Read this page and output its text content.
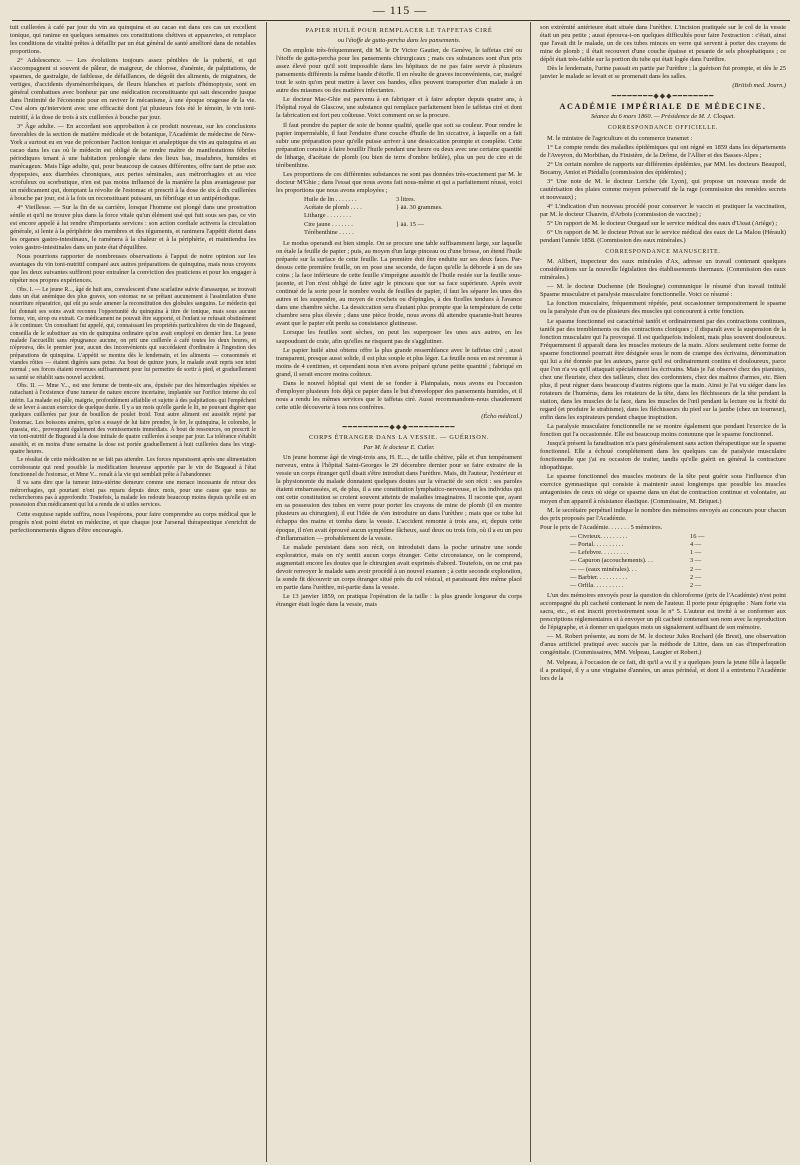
— 115 —

tuit cuillerées à café par jour du vin au quinquina et au cacao est dans ces cas un excellent tonique, qui ranime en quelques semaines ces constitutions chétives et appauvries, et remplace les conditions de vitalité prêtes à défaillir par un état général de santé amélioré dans de notables proportions.

2° Adolescence. — Les évolutions toujours assez pénibles de la puberté, et qui s'accompagnent si souvent de pâleur, de maigreur, de chlorose, d'anémie, de palpitations, de spasmes, de gastralgie, de faiblesse, de défaillances, de dégoût des aliments, de migraines, de vertiges, d'accidents dysménorrhéiques, de fleurs blanches et parfois d'hémoptysie, sont en général combattues avec bonheur par une médication reconstituante qui sait descendre jusque dans l'intimité de l'économie pour en raviver le mécanisme, à une époque orageuse de la vie. C'est alors qu'intervient avec une efficacité dont j'ai plusieurs fois été le témoin, le vin toni-nutritif, à la dose de trois à six cuillerées à bouche par jour.

3° Âge adulte. — En accordant son approbation à ce produit nouveau, sur les conclusions favorables de la section de matière médicale et de botanique, l'Académie de médecine de New-York a surtout eu en vue de préconiser l'action tonique et analeptique du vin au quinquina et au cacao dans les cas où le médecin est obligé de se rendre maître de manifestations fébriles périodiques tenant à une habitation prolongée dans des lieux bas, insalubres, humides et marécageux. Mais l'âge adulte, qui, pour beaucoup de causes différentes, offre tant de prise aux dyspepsies, aux diarrhées chroniques, aux pertes séminales, aux métrorrhagies et au vice scrofuleux ou scorbutique, n'en est pas moins influencé de la manière la plus avantageuse par un médicament qui, domptant la révolte de l'estomac et prescrit à la dose de six à dix cuillerées à bouche par jour, est à la fois un reconstituant puissant, un fébrifuge et un antipériodique.

4° Vieillesse. — Sur la fin de sa carrière, lorsque l'homme est plongé dans une prostration sénile et qu'il ne trouve plus dans la force vitale qu'un élément usé qui fuit sous ses pas, ce vin est encore appelé à lui rendre d'importants services : son action cordiale activera la circulation générale, si lente à la périphérie des membres et des téguments, et ranimera l'appétit éteint dans les organes gastro-intestinaux, le ramènera à la chaleur et à la périphérie, et maintiendra les voies gastro-intestinales dans un juste état d'équilibre.

Nous pourrions rapporter de nombreuses observations à l'appui de notre opinion sur les avantages du vin toni-nutritif comparé aux autres préparations de quinquina, mais nous croyons que les deux suivantes suffiront pour entraîner la conviction des praticiens et pour les engager à répéter nos propres expériences.

Obs. I. — Le jeune R..., âgé de huit ans, convalescent d'une scarlatine suivie d'anasarque, se trouvait dans un état anémique des plus graves, son estomac ne se prêtant aucunement à l'assimilation d'une nourriture réparatrice, qui eût pu seule amener la reconstitution des globules sanguins. Le médecin qui lui donnait ses soins avait reconnu l'opportunité du quinquina à titre de tonique, mais sous aucune forme, vin, sirop ou extrait. Ce médicament ne pouvait être supporté, et l'enfant se refusait obstinément à le continuer. Un consultant fut appelé, qui, connaissant les propriétés particulières du vin de Bugeaud, conseilla de le substituer au vin de quinquina ordinaire qu'on avait employé en dernier lieu. Le jeune malade l'accueillit sans répugnance aucune, on prit une cuillerée à café toutes les deux heures, et n'éprouva, dès le premier jour, aucun des inconvénients qui succédaient d'ordinaire à l'ingestion des préparations de quinquina. L'appétit se montra dès le lendemain, et les aliments — consommés et viandes rôties — étaient digérés sans peine. Au bout de quinze jours, le malade avait repris son teint normal ; ses forces étaient revenues suffisamment pour lui permettre de sortir à pied, et graduellement sa santé se rétablit sans nouvel accident.

Obs. II. — Mme V..., est une femme de trente-six ans, épuisée par des hémorrhagies répétées se rattachant à l'existence d'une tumeur de nature encore incertaine, implantée sur l'orifice interne du col utérin. La malade est pâle, maigrie, profondément affaiblie et sujette à des palpitations qui l'empêchent de se lever à aucun exercice de quelque durée. Il y a un mois qu'elle garde le lit, ne pouvant digérer que quelques cuillerées par jour de bouillon de poulet froid. Tout autre aliment est aussitôt rejeté par l'estomac. Les boissons amères, qu'on a essayé de lui faire prendre, le fer, le quinquina, le colombo, le quassia, etc., provoquent également des vomissements immédiats. À bout de ressources, on prescrit le vin toni-nutritif de Bugeaud à la dose initiale de quatre cuillerées à soupe par jour. La tolérance s'établit aussitôt, et en moins d'une semaine la dose est portée graduellement à huit cuillerées dans les vingt-quatre heures.

Le résultat de cette médication ne se fait pas attendre. Les forces reparaissent après une alimentation corroborante qui rend possible la modification heureuse apportée par le vin de Bugeaud à l'état fonctionnel de l'estomac, et Mme V... renaît à la vie qui semblait prête à l'abandonner.

Il va sans dire que la tumeur intra-utérine demeure comme une menace incessante de retour des métrorrhagies, qui pourtant n'ont pas reparu depuis deux mois, pour une cause que nous ne rechercherons pas à approfondir. Toutefois, la malade les redoute beaucoup moins depuis qu'elle est en possession d'un médicament qui lui a rendu de si utiles services.

Cette esquisse rapide suffira, nous l'espérons, pour faire comprendre au corps médical que le progrès n'est point éteint en médecine, et que chaque jour l'arsenal thérapeutique s'enrichit de perfectionnements dignes d'être encouragés.

PAPIER HUILÉ POUR REMPLACER LE TAFFETAS CIRÉ
ou l'étoffe de gutta-percha dans les pansements.

On emploie très-fréquemment, dit M. le Dr Victor Gautier, de Genève, le taffetas ciré ou l'étoffe de gutta-percha pour les pansements chirurgicaux ; mais ces substances sont d'un prix assez élevé pour qu'il soit impossible dans les hôpitaux de ne pas faire servir à plusieurs pansements différents la même bande d'étoffe. Il en résulte de graves inconvénients, car, malgré tout le soin qu'on peut mettre à laver ces bandes, elles peuvent transporter d'un malade à un autre des miasmes ou des matières infectantes.

Le docteur Mac-Ghie est parvenu à en fabriquer et à faire adopter depuis quatre ans, à l'hôpital royal de Glascow, une substance qui remplace parfaitement bien le taffetas ciré et dont la fabrication est fort peu coûteuse. Voici comment on se la procure.

Il faut prendre du papier de soie de bonne qualité, quelle que soit sa couleur. Pour rendre le papier imperméable, il faut l'enduire d'une couche d'huile de lin siccative, à laquelle on a fait subir une préparation pour qu'elle puisse arriver à une dessiccation prompte et complète. Cette préparation consiste à faire bouillir l'huile pendant une heure ou deux avec une certaine quantité de litharge, d'acétate de plomb (ou bien de terre d'ombre brûlée), plus un peu de cire et de térébenthine.

Les proportions de ces différentes substances ne sont pas données très-exactement par M. le docteur M'Ghie ; dans l'essai que nous avons fait nous-même et qui a parfaitement réussi, voici les proportions que nous avons employées ;

Huile de lin . . . . . . .	3 litres.
Acétate de plomb . . . .	} āā. 30 grammes.
Litharge . . . . . . . .
Cire jaune . . . . . . .	} āā. 15 —
Térébenthine . . . . .

Le modus operandi est bien simple. On se procure une table suffisamment large, sur laquelle on étale la feuille de papier ; puis, au moyen d'un large pinceau ou d'une brosse, on étend l'huile préparée sur la surface de cette feuille. La première doit être enduite sur ses deux faces. Par-dessus cette première feuille, on en pose une seconde, de façon qu'elle la déborde à un de ses coins ; la face inférieure de cette feuille s'imprègne aussitôt de l'huile restée sur la feuille sous-jacente, et l'on n'est obligé de faire agir le pinceau que sur sa face supérieure. Après avoir continué de la sorte pour le nombre voulu de feuilles de papier, il faut les séparer les unes des autres et les suspendre, au moyen de crochets ou d'épingles, à des ficelles tendues à l'avance dans une chambre sèche. La dessiccation sera d'autant plus prompte que la température de cette chambre sera plus élevée ; dans une pièce froide, nous avons dû attendre quarante-huit heures avant que le papier eût perdu sa consistance glutineuse.

Lorsque les feuilles sont sèches, on peut les superposer les unes aux autres, en les saupoudrant de craie, afin qu'elles ne risquent pas de s'agglutiner.

Le papier huilé ainsi obtenu offre la plus grande ressemblance avec le taffetas ciré ; aussi transparent, presque aussi solide, il est plus souple et plus léger. La feuille nous en est revenue à moins de 4 centimes, et cependant nous n'en avons préparé qu'une petite quantité ; fabriqué en grand, il serait encore moins coûteux.

Dans le nouvel hôpital qui vient de se fonder à Plainpalais, nous avons eu l'occasion d'employer plusieurs fois déjà ce papier dans le but d'envelopper des pansements humides, et il nous a rendu les mêmes services que le taffetas ciré. Aussi recommandons-nous chaudement cette utile découverte à tous nos confrères.

(Écho médical.)
━━━━━━━━━◆◆◆━━━━━━━━━
CORPS ÉTRANGER DANS LA VESSIE. — GUÉRISON.
Par M. le docteur E. Cutler.

Un jeune homme âgé de vingt-trois ans, H. E...., de taille chétive, pâle et d'un tempérament nerveux, entra à l'hôpital Saint-Georges le 29 décembre dernier pour se faire extraire de la vessie un corps étranger qu'il disait s'être introduit dans l'urèthre. Mais, dit l'auteur, l'extérieur et la physionomie du malade donnaient quelques doutes sur la véracité de son récit : ses paroles étaient embarrassées, et, de plus, il a une constitution lymphatico-nerveuse, et les individus qui ont cette constitution se croient souvent atteints de maladies imaginaires. Il raconte que, ayant en sa possession des tubes en verre pour porter les crayons de mine de plomb (il en montre plusieurs au chirurgien), il eut l'idée de s'en introduire un dans l'urèthre ; mais que ce tube lui échappa des mains et tomba dans la vessie. L'accident remonte à trois ans, et, depuis cette époque, il n'en avait éprouvé aucun symptôme fâcheux, sauf deux ou trois fois, où il a eu un peu d'inflammation — probablement de la vessie.

Le malade persistant dans son récit, on introduisit dans la poche urinaire une sonde exploratrice, mais on n'y sentit aucun corps étranger. Cette circonstance, on le comprend, augmentait encore les doutes que le chirurgien avait exprimés d'abord. Toutefois, on ne crut pas devoir renvoyer le malade sans avoir procédé à un nouvel examen ; à cette seconde exploration, la sonde fit découvrir un corps étranger situé près du col vésical, et paraissant être même placé en partie dans l'urèthre, mi-partie dans la vessie.

Le 13 janvier 1859, on pratiqua l'opération de la taille : la plus grande longueur du corps étranger était logée dans la vessie, mais

son extrémité antérieure était située dans l'urèthre. L'incision pratiquée sur le col de la vessie était un peu petite ; aussi éprouva-t-on quelques difficultés pour faire l'extraction : c'était, ainsi que l'avait dit le malade, un de ces tubes minces en verre qui servent à porter des crayons de mine de plomb ; il était recouvert d'une couche épaisse et pesante de sels phosphatiques ; ce dépôt était très-faible sur la portion du tube qui était logée dans l'urèthre.

Dès le lendemain, l'urine passait en partie par l'urèthre ; la guérison fut prompte, et dès le 25 janvier le malade se levait et se promenait dans les salles.

(British med. Journ.)
━━━━━━━━◆◆◆━━━━━━━━
ACADÉMIE IMPÉRIALE DE MÉDECINE.
Séance du 6 mars 1860. — Présidence de M. J. Cloquet.
CORRESPONDANCE OFFICIELLE.

M. le ministre de l'agriculture et du commerce transmet :

1° Le compte rendu des maladies épidémiques qui ont régné en 1859 dans les départements de l'Aveyron, du Morbihan, du Finistère, de la Drôme, de l'Allier et des Basses-Alpes ;

2° Un certain nombre de rapports sur différentes épidémies, par MM. les docteurs Beaupoil, Bocamy, Amiot et Piédallu (commission des épidémies) ;

3° Une note de M. le docteur Leriche (de Lyon), qui propose un nouveau mode de cautérisation des plaies comme moyen préservatif de la rage (commission des remèdes secrets et nouveaux) ;

4° L'indication d'un nouveau procédé pour conserver le vaccin et pratiquer la vaccination, par M. le docteur Chauvin, d'Arbois (commission de vaccine) ;

5° Un rapport de M. le docteur Ourgaud sur le service médical des eaux d'Ussat (Ariège) ;

6° Un rapport de M. le docteur Privat sur le service médical des eaux de La Malou (Hérault) pendant l'année 1858. (Commission des eaux minérales.)

CORRESPONDANCE MANUSCRITE.

M. Alibert, inspecteur des eaux minérales d'Ax, adresse un travail contenant quelques considérations sur la nouvelle législation des établissements thermaux. (Commission des eaux minérales.)

— M. le docteur Duchenne (de Boulogne) communique le résumé d'un travail intitulé Spasme musculaire et paralysie musculaire fonctionnelle. Voici ce résumé :

La fonction musculaire, fréquemment répétée, peut occasionner temporairement le spasme ou la paralysie d'un ou de plusieurs des muscles qui concourent à cette fonction.

Le spasme fonctionnel est caractérisé tantôt et ordinairement par des contractions continues, tantôt par des tremblements ou des contractions cloniques ; il disparaît avec la suspension de la fonction musculaire qui l'a provoqué. Il est quelquefois indolent, mais plus souvent douloureux. Fréquemment il apparaît dans les muscles moteurs de la main. Alors seulement cette forme de spasme fonctionnel pourrait être désignée sous le nom de crampe des écrivains, dénomination qui lui a été donnée par les auteurs, parce qu'il est ordinairement continu et douloureux, parce que l'on n'a vu qu'il attaquait spécialement les écrivains. Mais je l'ai observé chez des pianistes, chez une fleuriste, chez des tailleurs, chez des cordonniers, chez des maîtres d'armes, etc. Bien plus, il peut régner dans beaucoup d'autres régions que la main. Ainsi je l'ai vu siéger dans les rotateurs de l'humérus, dans les rotateurs de la tête, dans les fléchisseurs de la tête pendant la station, dans les muscles de la face, dans les muscles de l'œil pendant la lecture ou la fixité du regard (et produire le strabisme), dans les fléchisseurs du pied sur la jambe (chez un tourneur), enfin dans les expirateurs pendant chaque inspiration.

La paralysie musculaire fonctionnelle ne se montre également que pendant l'exercice de la fonction qui l'a occasionnée. Elle est beaucoup moins commune que le spasme fonctionnel.

Jusqu'à présent la faradisation m'a paru généralement sans action thérapeutique sur le spasme fonctionnel. Elle a échoué complétement dans les quelques cas de paralysie musculaire fonctionnelle que j'ai eu occasion de traiter, tandis qu'elle guérit en général la contracture idiopathique.

Le spasme fonctionnel des muscles moteurs de la tête peut guérir sous l'influence d'un exercice gymnastique qui consiste à maintenir aussi longtemps que possible les muscles antagonistes de ceux où siége ce spasme dans un état de contraction continue et volontaire, au moyen d'un appareil à résistance élastique. (Commissaire, M. Briquet.)

M. le secrétaire perpétuel indique le nombre des mémoires envoyés au concours pour chacun des prix proposés par l'Académie.

Pour le prix de l'Académie. . . . . . . 5 mémoires.

— Civrieux. . . . . . . . .	16 —
— Portal. . . . . . . . . .	4 —
— Lefebvre. . . . . . . . .	1 —
— Capuron (accouchements). . .	3 —
— — (eaux minérales). . .	2 —
— Barbier. . . . . . . . . .	2 —
— Orfila. . . . . . . . . .	2 —

L'un des mémoires envoyés pour la question du chloroforme (prix de l'Académie) n'est point accompagné du pli cacheté contenant le nom de l'auteur. Il porte pour épigraphe : Nam forte via sacra, etc., et est inscrit provisoirement sous le n° 5. L'auteur est invité à se conformer aux prescriptions réglementaires et à envoyer un pli cacheté contenant son nom avec la reproduction de l'épigraphe, et à donner en quelques mots un signalement suffisant de son mémoire.

— M. Robert présente, au nom de M. le docteur Jules Rochard (de Brest), une observation d'anus artificiel pratiqué avec succès par la méthode de Littre, dans un cas d'imperforation congénitale. (Commissaires, MM. Velpeau, Laugier et Robert.)

M. Velpeau, à l'occasion de ce fait, dit qu'il a vu il y a quelques jours la jeune fille à laquelle il a pratiqué, il y a une vingtaine d'années, un anus périnéal, et dont il a entretenu l'Académie lors de la
